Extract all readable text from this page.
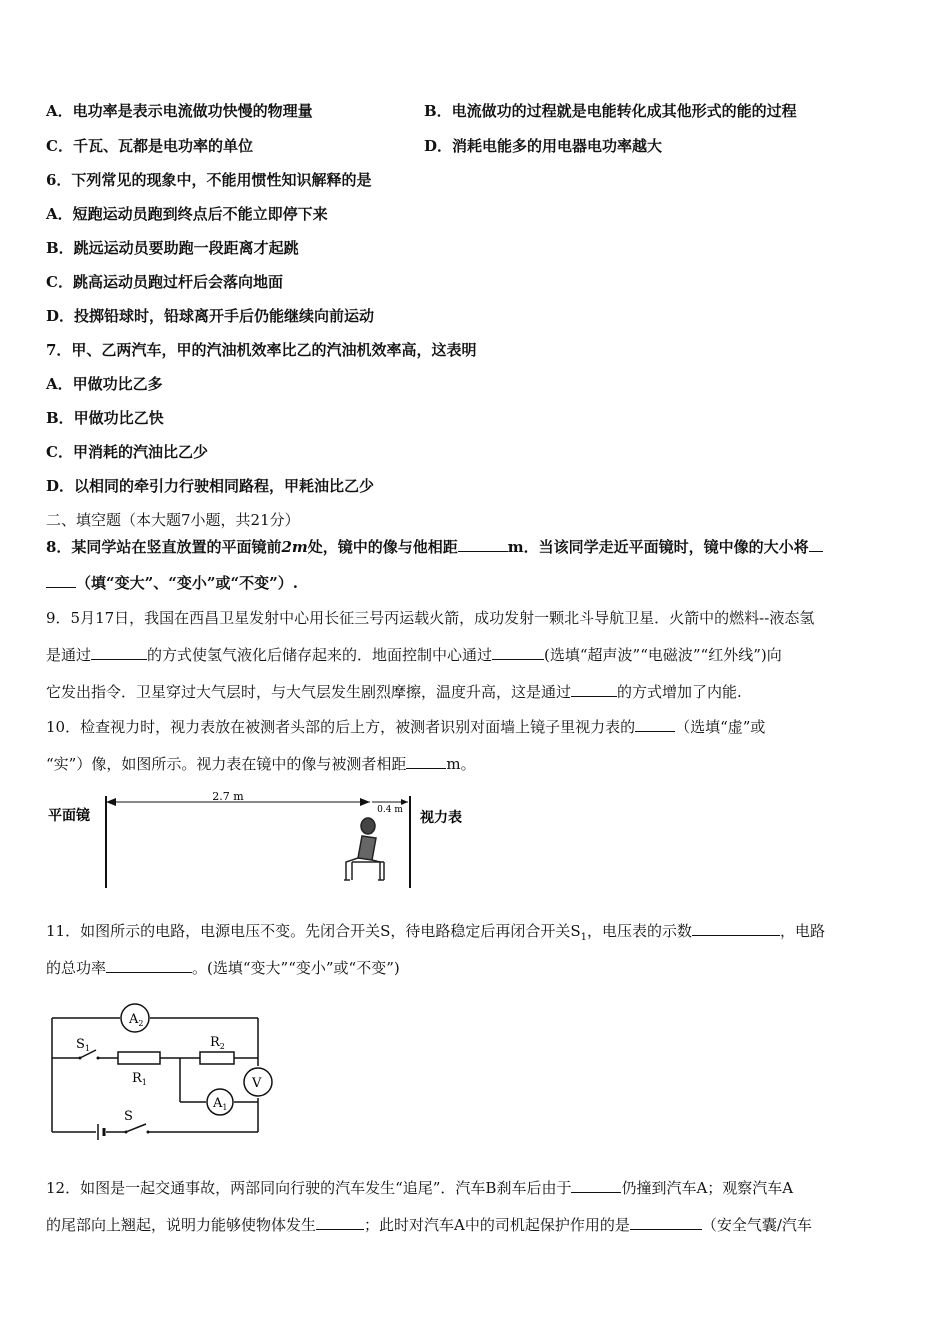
A．电功率是表示电流做功快慢的物理量	B．电流做功的过程就是电能转化成其他形式的能的过程
C．千瓦、瓦都是电功率的单位	D．消耗电能多的用电器电功率越大
6．下列常见的现象中，不能用惯性知识解释的是
A．短跑运动员跑到终点后不能立即停下来
B．跳远运动员要助跑一段距离才起跳
C．跳高运动员跑过杆后会落向地面
D．投掷铅球时，铅球离开手后仍能继续向前运动
7．甲、乙两汽车，甲的汽油机效率比乙的汽油机效率高，这表明
A．甲做功比乙多
B．甲做功比乙快
C．甲消耗的汽油比乙少
D．以相同的牵引力行驶相同路程，甲耗油比乙少
二、填空题（本大题7小题，共21分）
8．某同学站在竖直放置的平面镜前2m处，镜中的像与他相距	m．当该同学走近平面镜时，镜中像的大小将
（填“变大”、“变小”或“不变”）.
9．5月17日，我国在西昌卫星发射中心用长征三号丙运载火箭，成功发射一颗北斗导航卫星．火箭中的燃料--液态氢
是通过	的方式使氢气液化后储存起来的．地面控制中心通过	(选填“超声波”“电磁波”“红外线”)向
它发出指令．卫星穿过大气层时，与大气层发生剧烈摩擦，温度升高，这是通过	的方式增加了内能.
10．检查视力时，视力表放在被测者头部的后上方，被测者识别对面墙上镜子里视力表的	（选填“虚”或
“实”）像，如图所示。视力表在镜中的像与被测者相距	m。
平面镜
2.7 m
0.4 m 视力表
11．如图所示的电路，电源电压不变。先闭合开关S，待电路稳定后再闭合开关$S_1$，电压表的示数	，电路
的总功率	。(选填“变大”“变小”或“不变”)
$A_2$
$S_1$
$R_1$
$R_2$
V
$A_1$
S
12．如图是一起交通事故，两部同向行驶的汽车发生“追尾”．汽车B刹车后由于	仍撞到汽车A；观察汽车A
的尾部向上翘起，说明力能够使物体发生	；此时对汽车A中的司机起保护作用的是	（安全气囊/汽车
